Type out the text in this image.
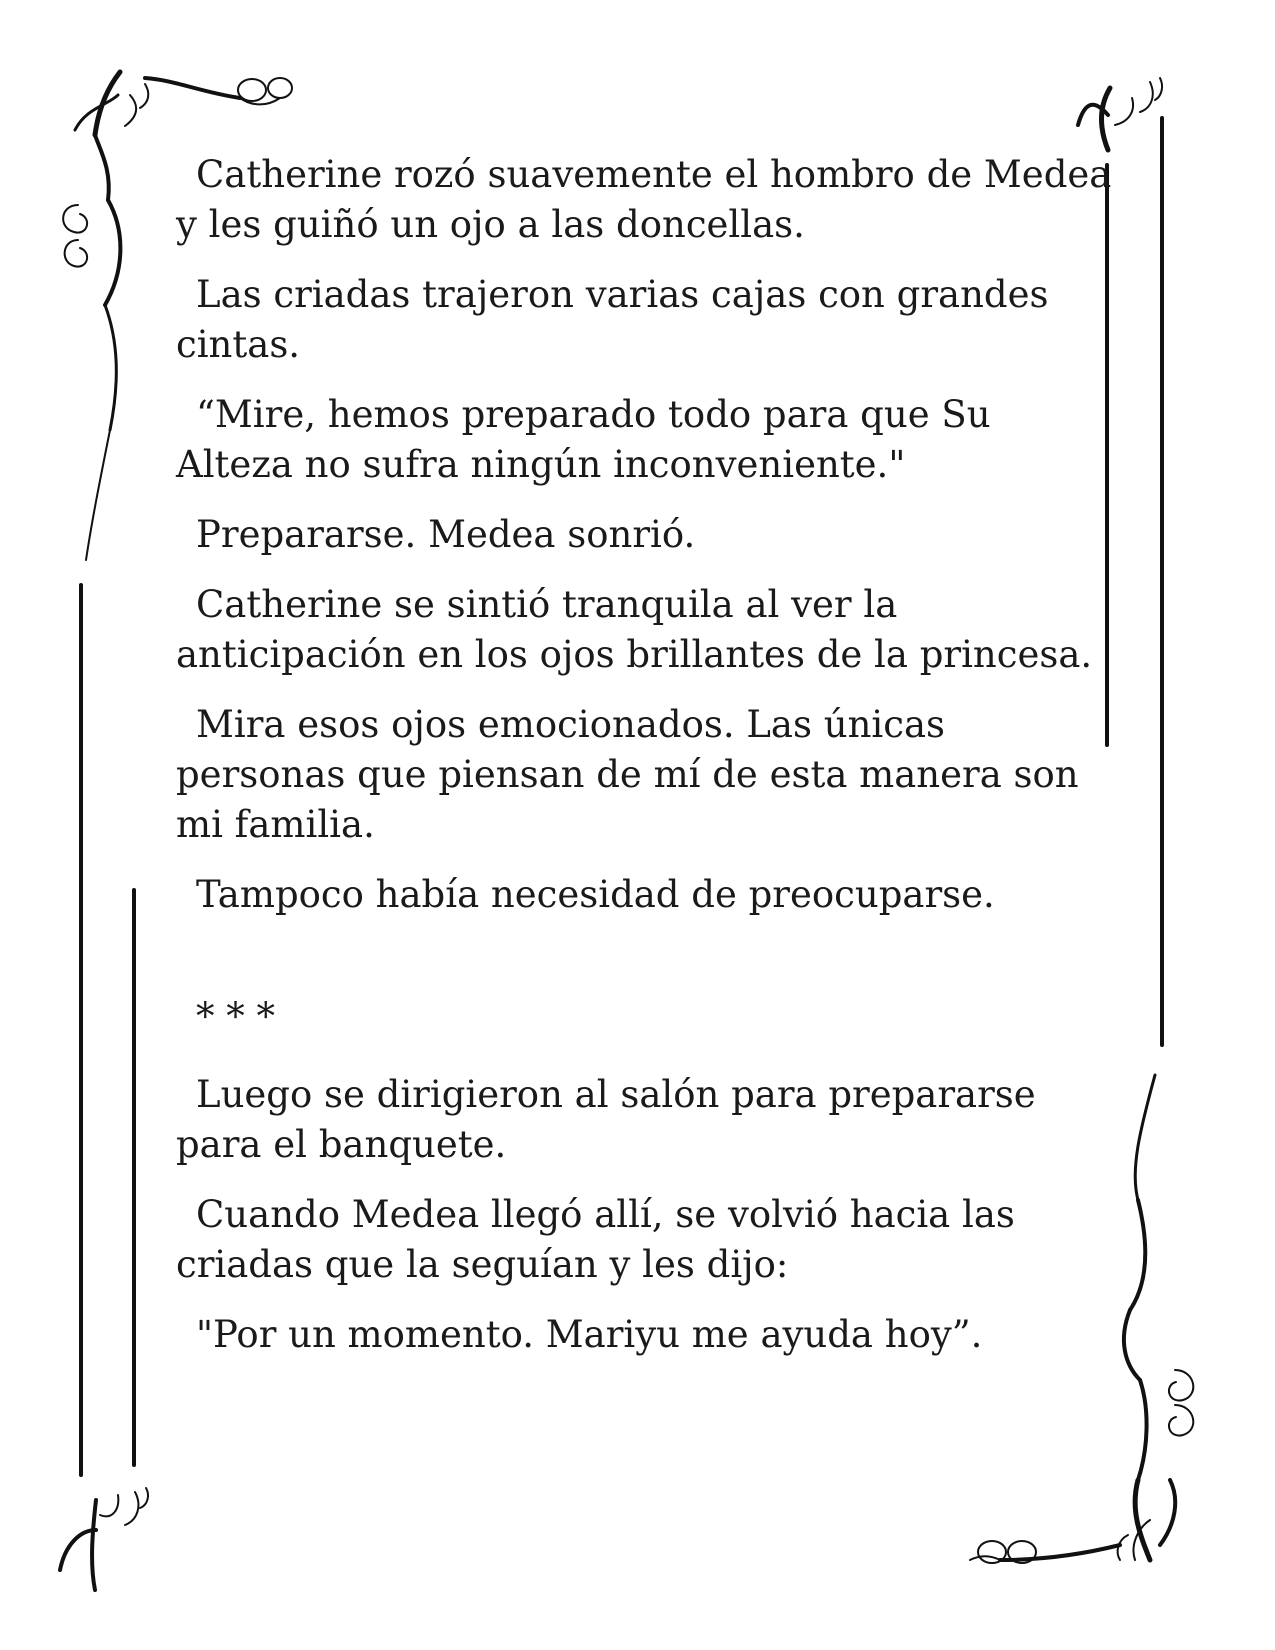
Catherine rozó suavemente el hombro de Medea y les guiñó un ojo a las doncellas.

Las criadas trajeron varias cajas con grandes cintas.

“Mire, hemos preparado todo para que Su Alteza no sufra ningún inconveniente."

Prepararse. Medea sonrió.

Catherine se sintió tranquila al ver la anticipación en los ojos brillantes de la princesa.

Mira esos ojos emocionados. Las únicas personas que piensan de mí de esta manera son mi familia.

Tampoco había necesidad de preocuparse.

* * *

Luego se dirigieron al salón para prepararse para el banquete.

Cuando Medea llegó allí, se volvió hacia las criadas que la seguían y les dijo:

"Por un momento. Mariyu me ayuda hoy”.
